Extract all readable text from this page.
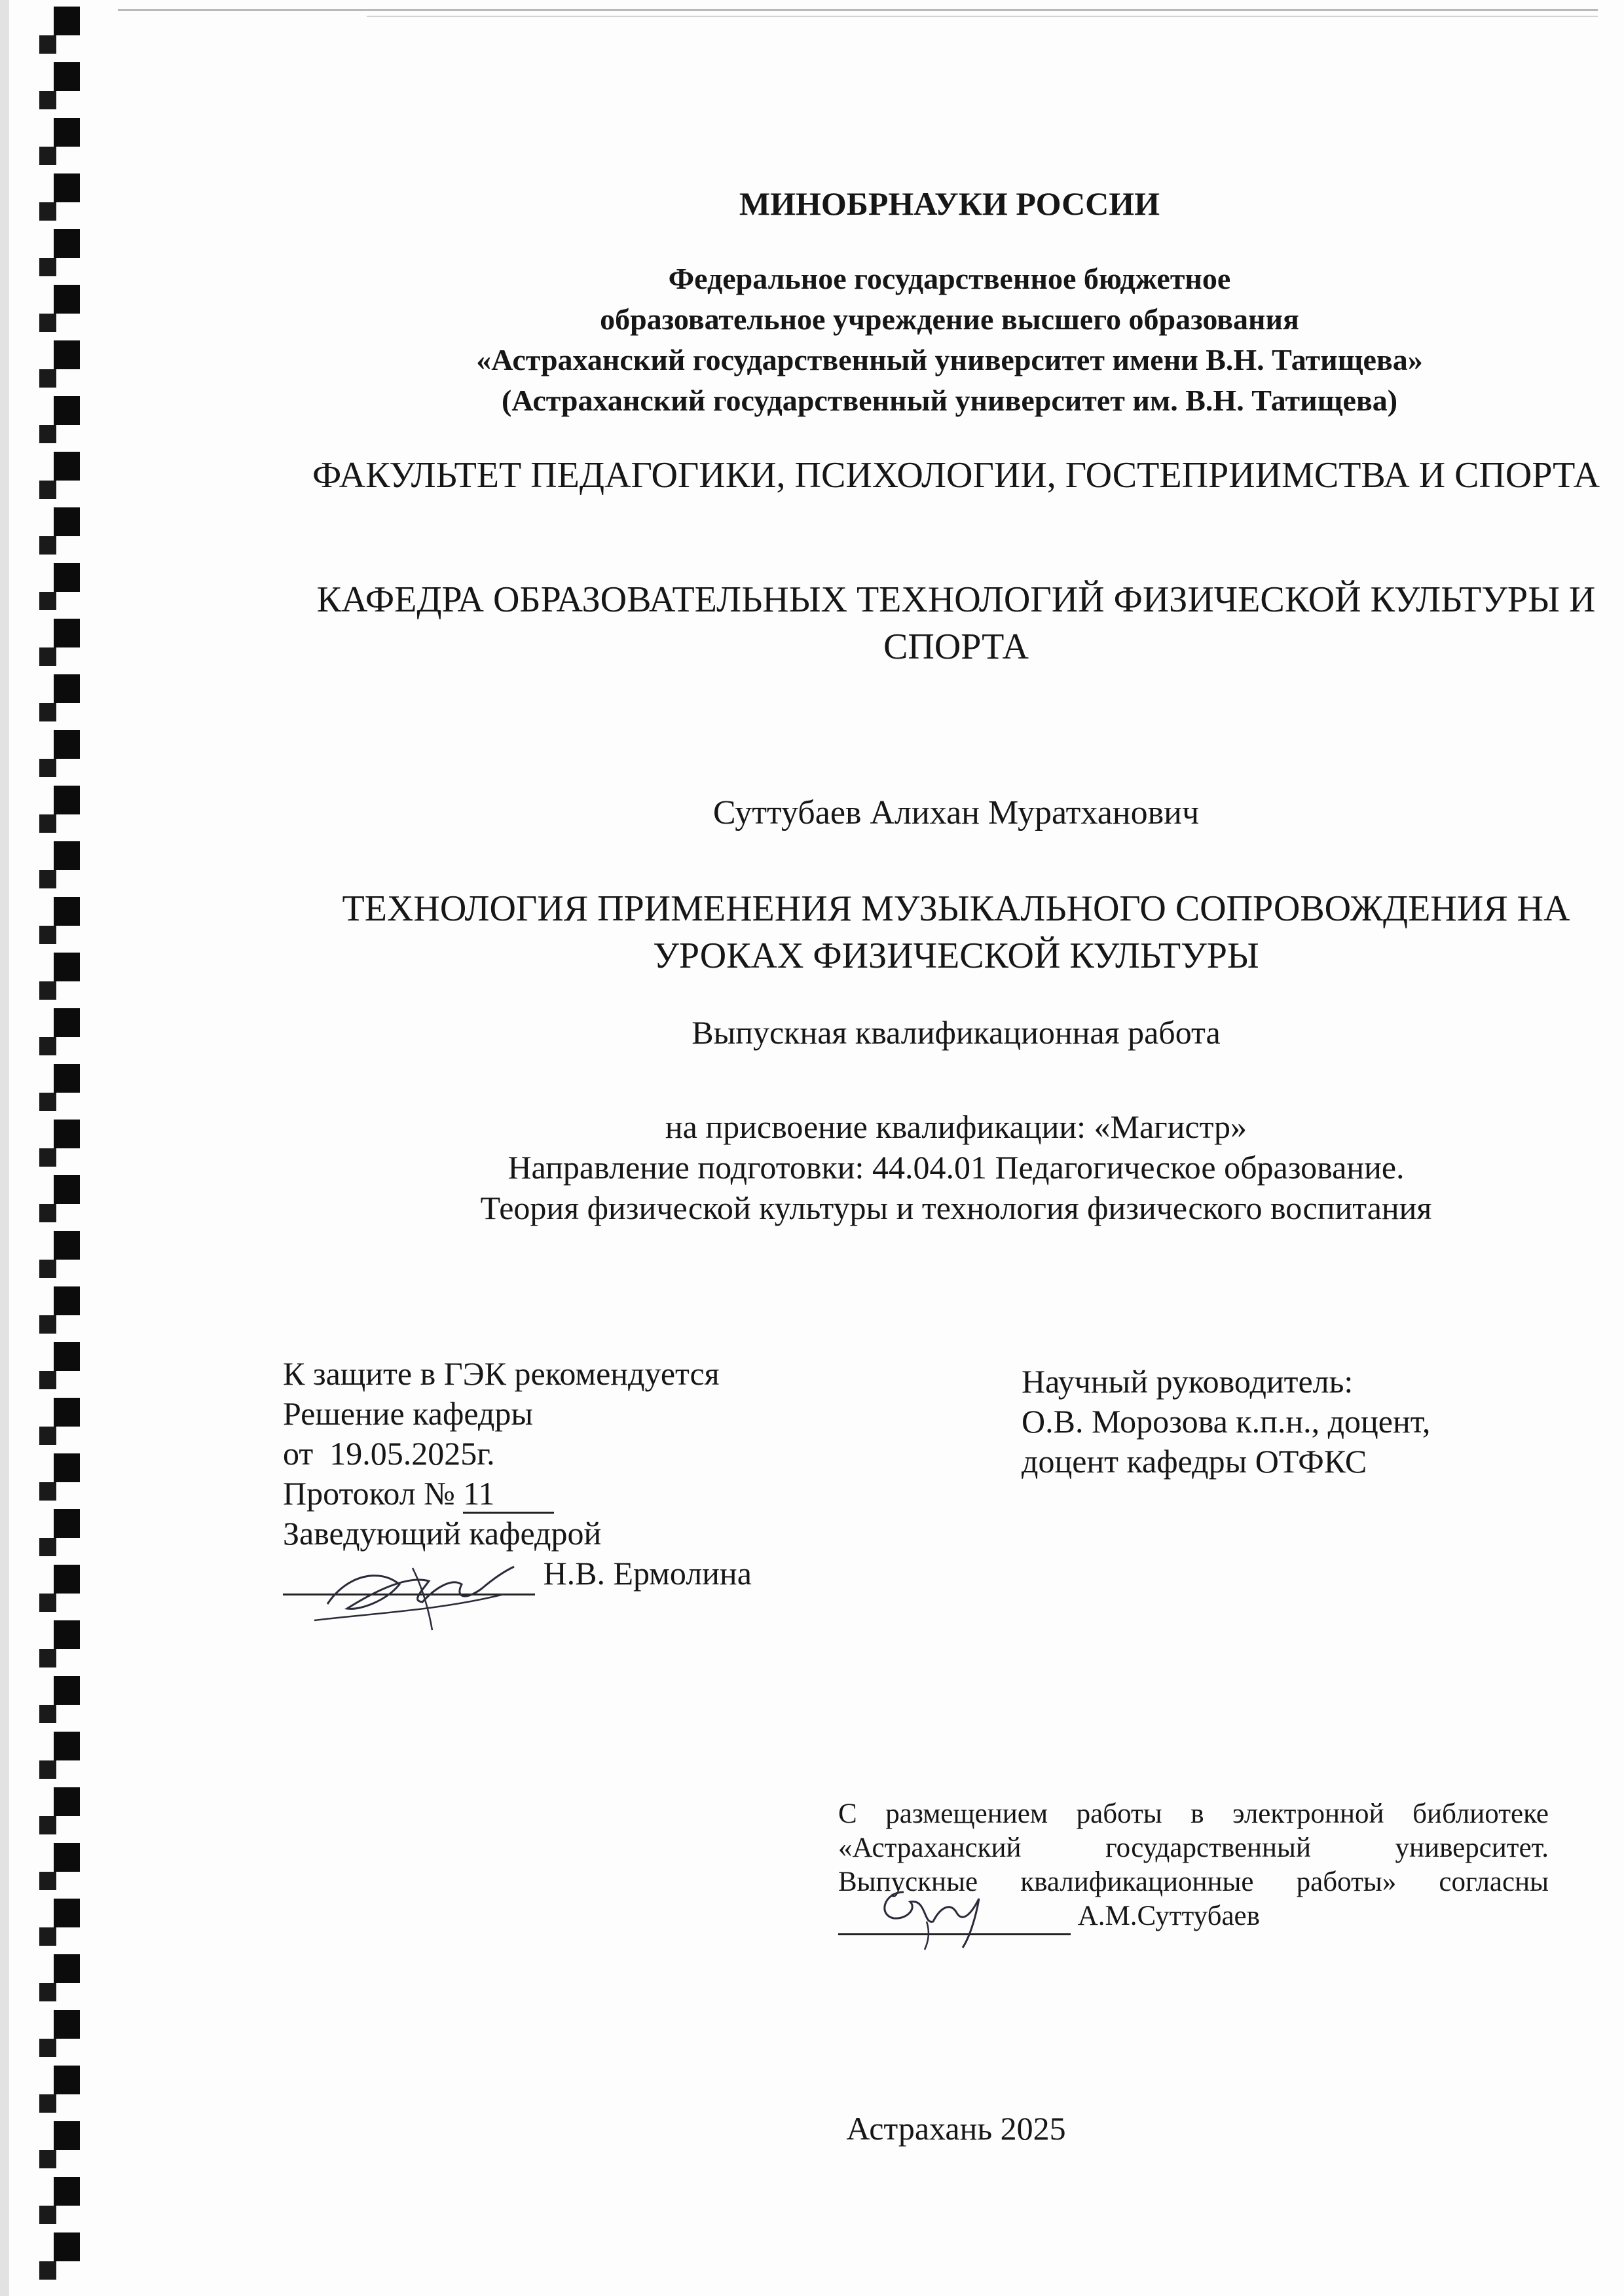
МИНОБРНАУКИ РОССИИ

Федеральное государственное бюджетное
образовательное учреждение высшего образования
«Астраханский государственный университет имени В.Н. Татищева»
(Астраханский государственный университет им. В.Н. Татищева)

ФАКУЛЬТЕТ ПЕДАГОГИКИ, ПСИХОЛОГИИ, ГОСТЕПРИИМСТВА И СПОРТА

КАФЕДРА ОБРАЗОВАТЕЛЬНЫХ ТЕХНОЛОГИЙ ФИЗИЧЕСКОЙ КУЛЬТУРЫ И СПОРТА

Суттубаев Алихан Муратханович

ТЕХНОЛОГИЯ ПРИМЕНЕНИЯ МУЗЫКАЛЬНОГО СОПРОВОЖДЕНИЯ НА УРОКАХ ФИЗИЧЕСКОЙ КУЛЬТУРЫ

Выпускная квалификационная работа

на присвоение квалификации: «Магистр»
Направление подготовки: 44.04.01 Педагогическое образование.
Теория физической культуры и технология физического воспитания
К защите в ГЭК рекомендуется
Решение кафедры
от 19.05.2025г.
Протокол № 11
Заведующий кафедрой
Н.В. Ермолина
Научный руководитель:
О.В. Морозова к.п.н., доцент,
доцент кафедры ОТФКС
С размещением работы в электронной библиотеке
«Астраханский государственный университет.
Выпускные квалификационные работы» согласны
А.М.Суттубаев

Астрахань 2025
